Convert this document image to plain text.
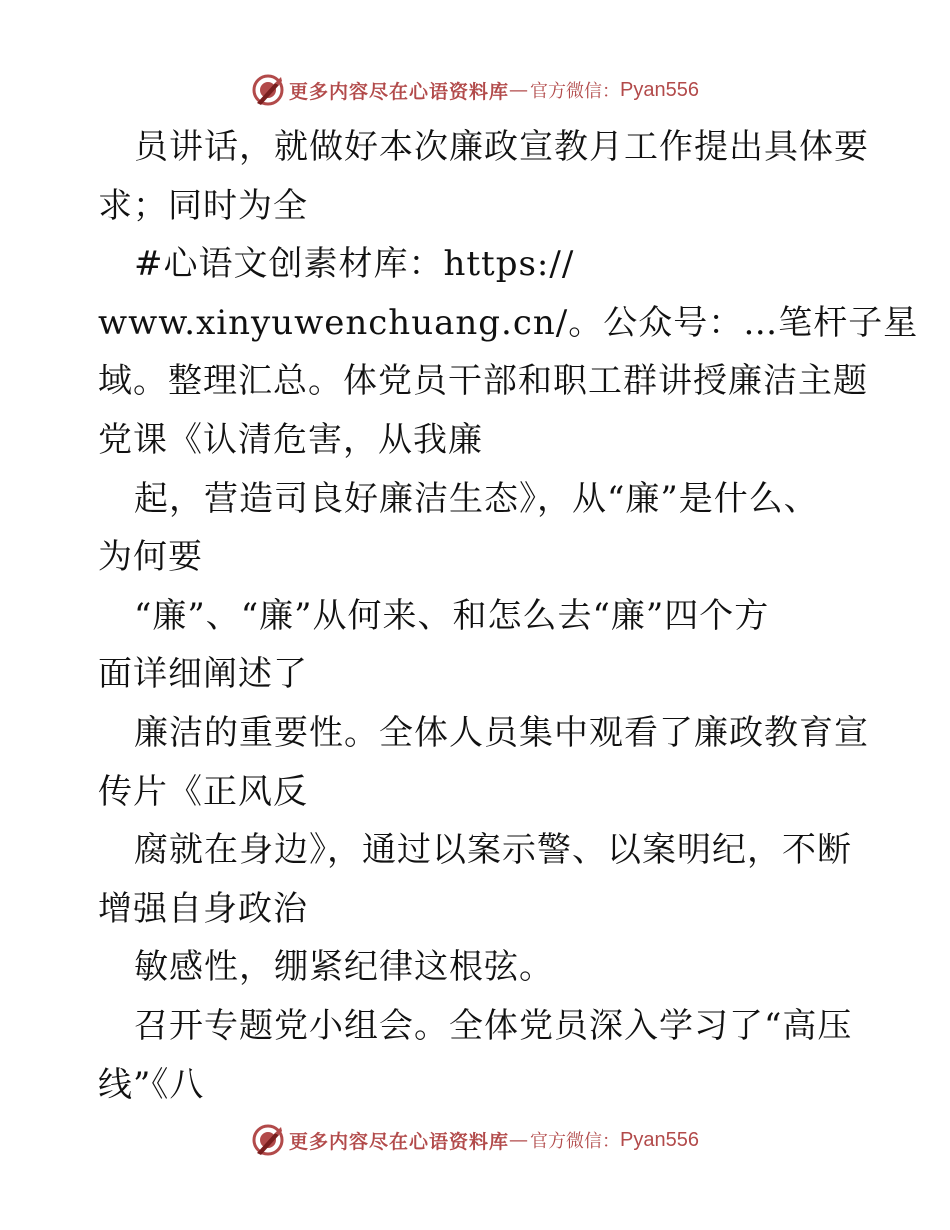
更多内容尽在心语资料库 — 官方微信： Pyan556
员讲话，就做好本次廉政宣教月工作提出具体要
求；同时为全
#心语文创素材库：https://
www.xinyuwenchuang.cn/。公众号：…笔杆子星
域。整理汇总。体党员干部和职工群讲授廉洁主题
党课《认清危害，从我廉
起，营造司良好廉洁生态》，从“廉”是什么、
为何要
“廉”、“廉”从何来、和怎么去“廉”四个方
面详细阐述了
廉洁的重要性。全体人员集中观看了廉政教育宣
传片《正风反
腐就在身边》，通过以案示警、以案明纪，不断
增强自身政治
敏感性，绷紧纪律这根弦。
召开专题党小组会。全体党员深入学习了“高压
线”《八
更多内容尽在心语资料库 — 官方微信： Pyan556
